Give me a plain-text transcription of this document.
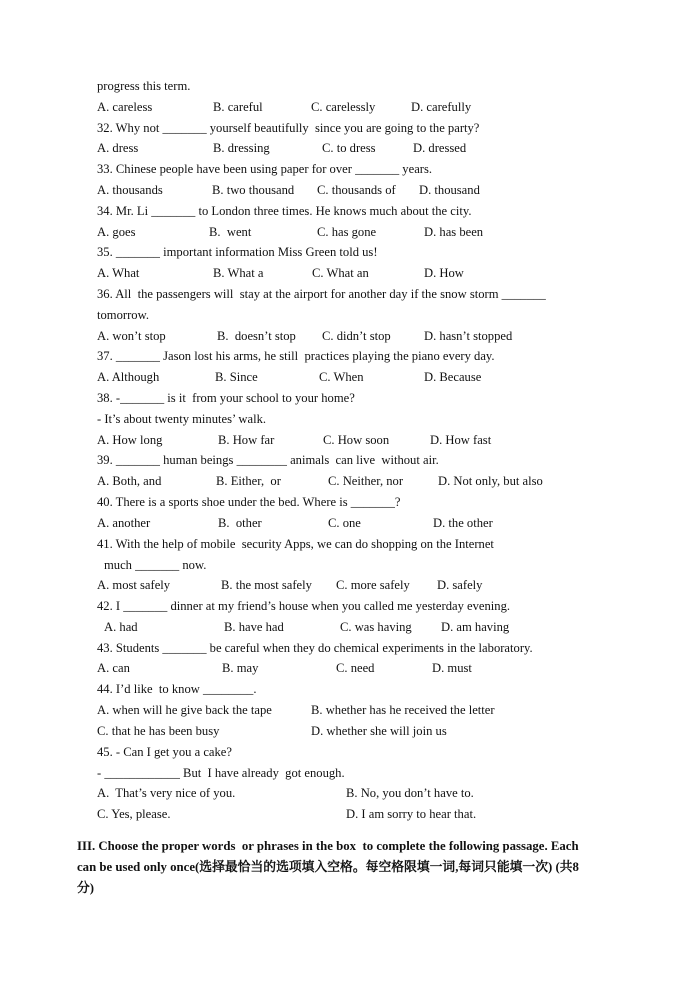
progress this term.
A. careless	B. careful	C. carelessly	D. carefully
32. Why not _______ yourself beautifully  since you are going to the party?
A. dress	B. dressing	C. to dress	D. dressed
33. Chinese people have been using paper for over _______ years.
A. thousands	B. two thousand C. thousands of D. thousand
34. Mr. Li _______ to London three times. He knows much about the city.
A. goes	B.  went	C. has gone	D. has been
35. _______ important information Miss Green told us!
A. What	B. What a	C. What an	D. How
36. All  the passengers will  stay at the airport for another day if the snow storm _______
tomorrow.
A. won’t stop	B.  doesn’t stop C. didn’t stop	D. hasn’t stopped
37. _______ Jason lost his arms, he still  practices playing the piano every day.
A. Although	B. Since	C. When	D. Because
38. -_______ is it  from your school to your home?
- It’s about twenty minutes’ walk.
A. How long	B. How far	C. How soon	D. How fast
39. _______ human beings ________ animals  can live  without air.
A. Both, and	B. Either,  or	C. Neither, nor	D. Not only, but also
40. There is a sports shoe under the bed. Where is _______?
A. another	B.  other	C. one	D. the other
41. With the help of mobile  security Apps, we can do shopping on the Internet
much _______ now.
A. most safely	B. the most safely C. more safely D. safely
42. I _______ dinner at my friend’s house when you called me yesterday evening.
A. had	B. have had	C. was having D. am having
43. Students _______ be careful when they do chemical experiments in the laboratory.
A. can	B. may	C. need	D. must
44. I’d like  to know ________.
A. when will he give back the tape	B. whether has he received the letter
C. that he has been busy	D. whether she will join us
45. - Can I get you a cake?
- ____________ But  I have already  got enough.
A.  That’s very nice of you.	B. No, you don’t have to.
C. Yes, please.	D. I am sorry to hear that.
III. Choose the proper words  or phrases in the box  to complete the following passage. Each
can be used only once(选择最恰当的选项填入空格。每空格限填一词,每词只能填一次) (共8
分)
